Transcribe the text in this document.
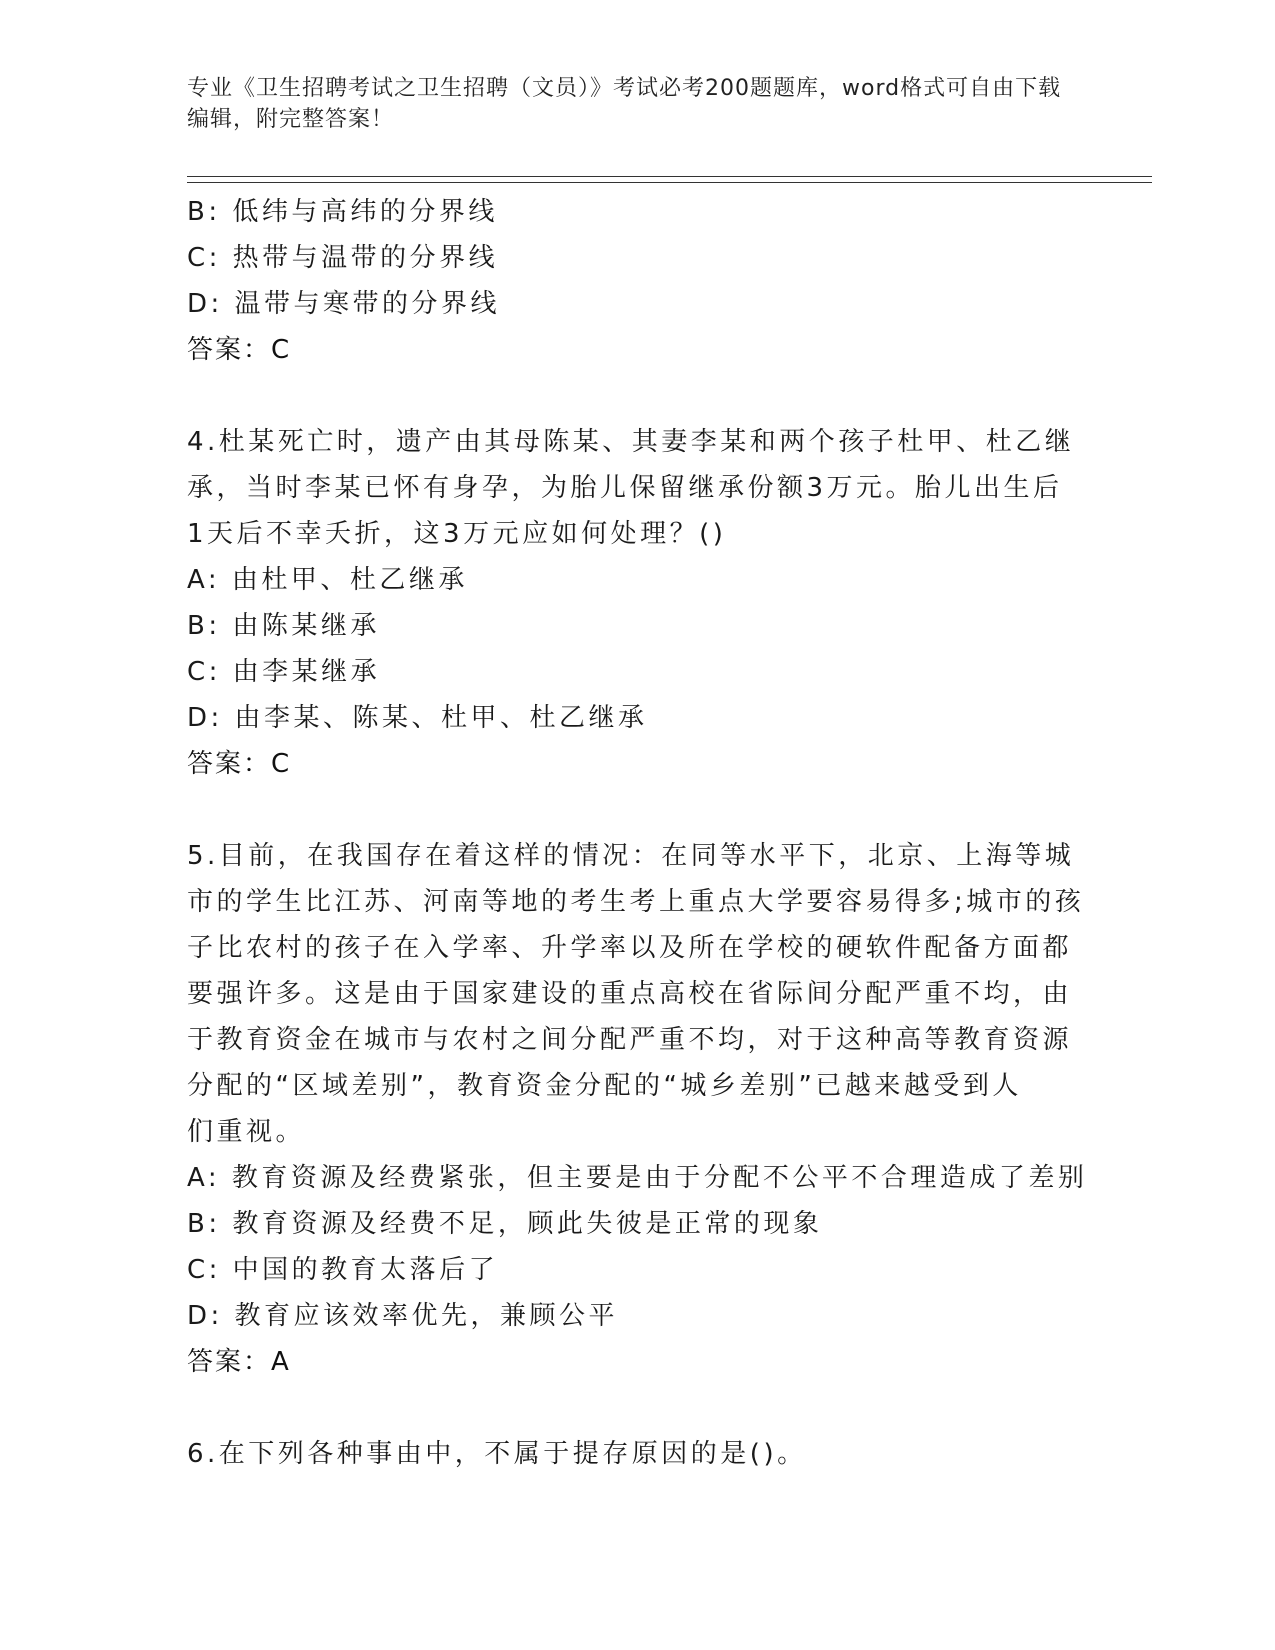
专业《卫生招聘考试之卫生招聘（文员）》考试必考200题题库，word格式可自由下载编辑，附完整答案！
B: 低纬与高纬的分界线
C: 热带与温带的分界线
D: 温带与寒带的分界线
答案：C
4.杜某死亡时，遗产由其母陈某、其妻李某和两个孩子杜甲、杜乙继
承，当时李某已怀有身孕，为胎儿保留继承份额3万元。胎儿出生后
1天后不幸夭折，这3万元应如何处理？()
A: 由杜甲、杜乙继承
B: 由陈某继承
C: 由李某继承
D: 由李某、陈某、杜甲、杜乙继承
答案：C
5.目前，在我国存在着这样的情况：在同等水平下，北京、上海等城
市的学生比江苏、河南等地的考生考上重点大学要容易得多;城市的孩
子比农村的孩子在入学率、升学率以及所在学校的硬软件配备方面都
要强许多。这是由于国家建设的重点高校在省际间分配严重不均，由
于教育资金在城市与农村之间分配严重不均，对于这种高等教育资源
分配的“区域差别”，教育资金分配的“城乡差别”已越来越受到人
们重视。
A: 教育资源及经费紧张，但主要是由于分配不公平不合理造成了差别
B: 教育资源及经费不足，顾此失彼是正常的现象
C: 中国的教育太落后了
D: 教育应该效率优先，兼顾公平
答案：A
6.在下列各种事由中，不属于提存原因的是()。
